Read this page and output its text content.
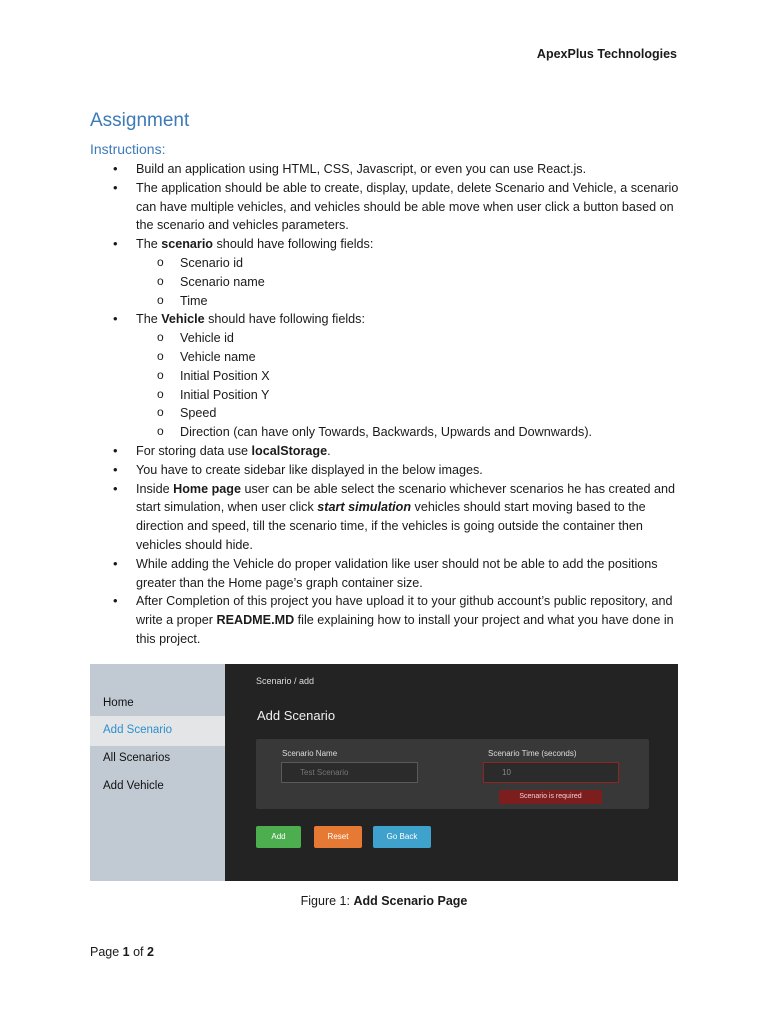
ApexPlus Technologies
Assignment
Instructions:

• Build an application using HTML, CSS, Javascript, or even you can use React.js.

• The application should be able to create, display, update, delete Scenario and Vehicle, a scenario can have multiple vehicles, and vehicles should be able move when user click a button based on the scenario and vehicles parameters.

• The scenario should have following fields:

o Scenario id

o Scenario name

o Time

• The Vehicle should have following fields:

o Vehicle id

o Vehicle name

o Initial Position X

o Initial Position Y

o Speed

o Direction (can have only Towards, Backwards, Upwards and Downwards).

• For storing data use localStorage.

• You have to create sidebar like displayed in the below images.

• Inside Home page user can be able select the scenario whichever scenarios he has created and start simulation, when user click start simulation vehicles should start moving based to the direction and speed, till the scenario time, if the vehicles is going outside the container then vehicles should hide.

• While adding the Vehicle do proper validation like user should not be able to add the positions greater than the Home page’s graph container size.

• After Completion of this project you have upload it to your github account’s public repository, and write a proper README.MD file explaining how to install your project and what you have done in this project.

Home
Add Scenario
All Scenarios
Add Vehicle
Scenario / add
Add Scenario
Scenario Name
Test Scenario	Scenario Time (seconds)
10
Scenario is required
Add	Reset	Go Back
Figure 1: Add Scenario Page
Page 1 of 2
